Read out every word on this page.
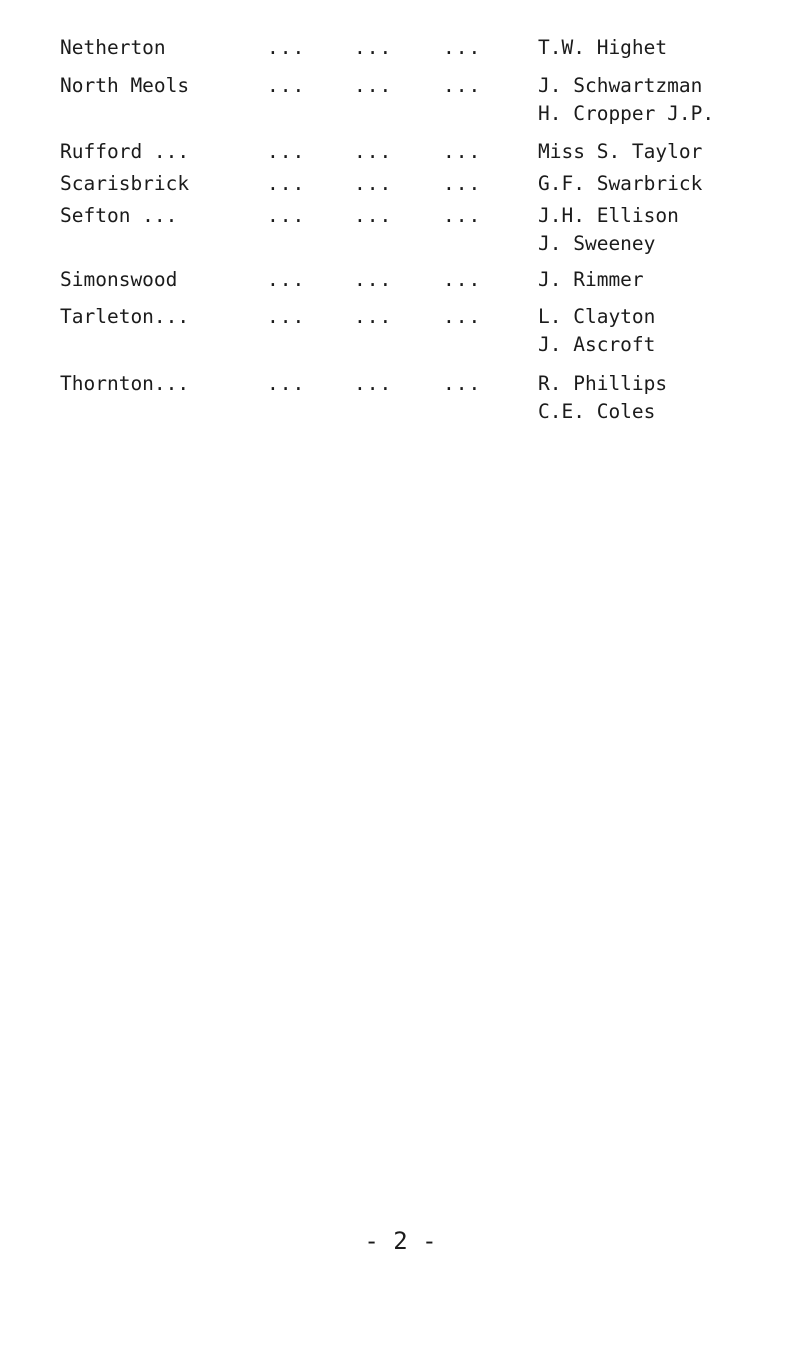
Netherton	...	...	...	T.W. Highet
North Meols	...	...	...	J. Schwartzman
H. Cropper J.P.
Rufford ...	...	...	...	Miss S. Taylor
Scarisbrick	...	...	...	G.F. Swarbrick
Sefton ...	...	...	...	J.H. Ellison
J. Sweeney
Simonswood	...	...	...	J. Rimmer
Tarleton...	...	...	...	L. Clayton
J. Ascroft
Thornton...	...	...	...	R. Phillips
C.E. Coles
- 2 -
